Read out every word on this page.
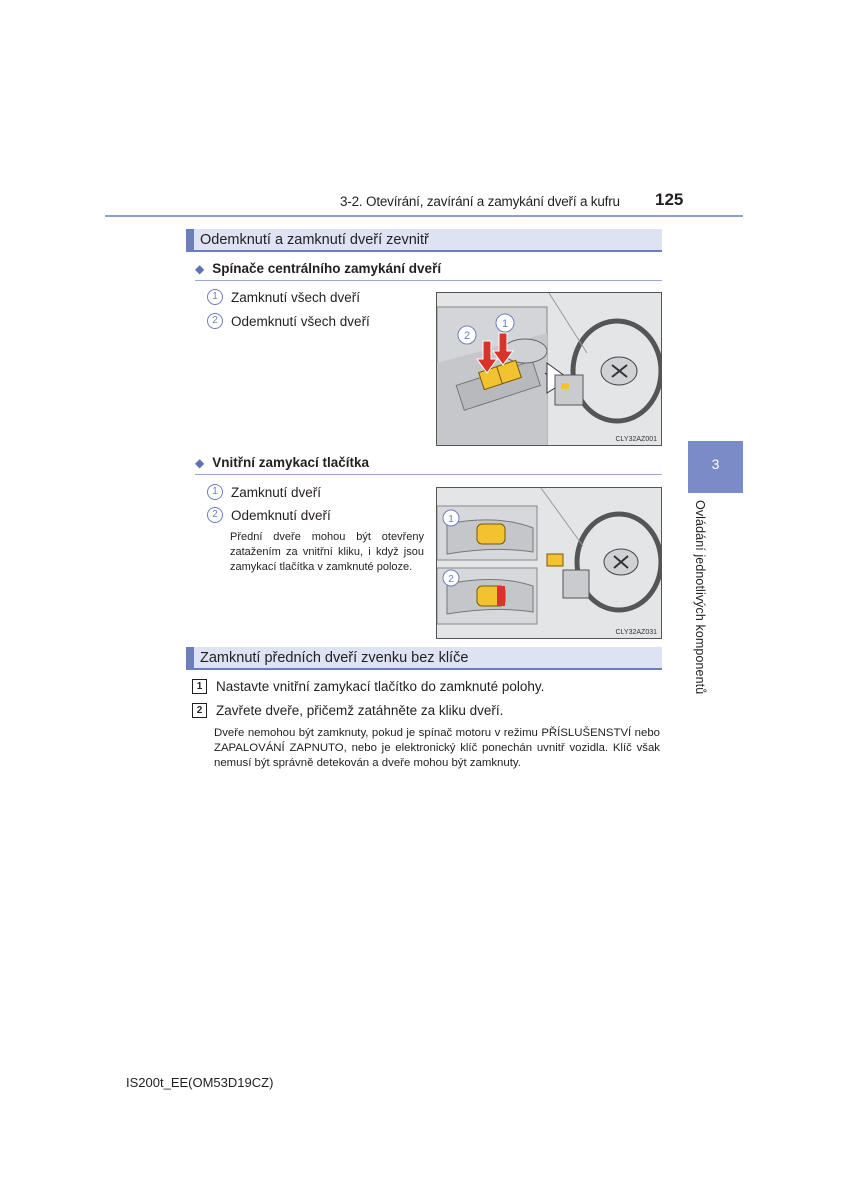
3-2. Otevírání, zavírání a zamykání dveří a kufru 125
Odemknutí a zamknutí dveří zevnitř
◆ Spínače centrálního zamykání dveří
1 Zamknutí všech dveří
2 Odemknutí všech dveří
2
1
CLY32AZ001
◆ Vnitřní zamykací tlačítka
1 Zamknutí dveří
2 Odemknutí dveří
Přední dveře mohou být otevřeny zatažením za vnitřní kliku, i když jsou zamykací tlačítka v zamknuté poloze.
1
2
CLY32AZ031
Zamknutí předních dveří zvenku bez klíče
1	Nastavte vnitřní zamykací tlačítko do zamknuté polohy.
2	Zavřete dveře, přičemž zatáhněte za kliku dveří.
Dveře nemohou být zamknuty, pokud je spínač motoru v režimu PŘÍSLUŠENSTVÍ nebo ZAPALOVÁNÍ ZAPNUTO, nebo je elektronický klíč ponechán uvnitř vozidla. Klíč však nemusí být správně detekován a dveře mohou být zamknuty.
3
Ovládání jednotlivých komponentů
IS200t_EE(OM53D19CZ)
